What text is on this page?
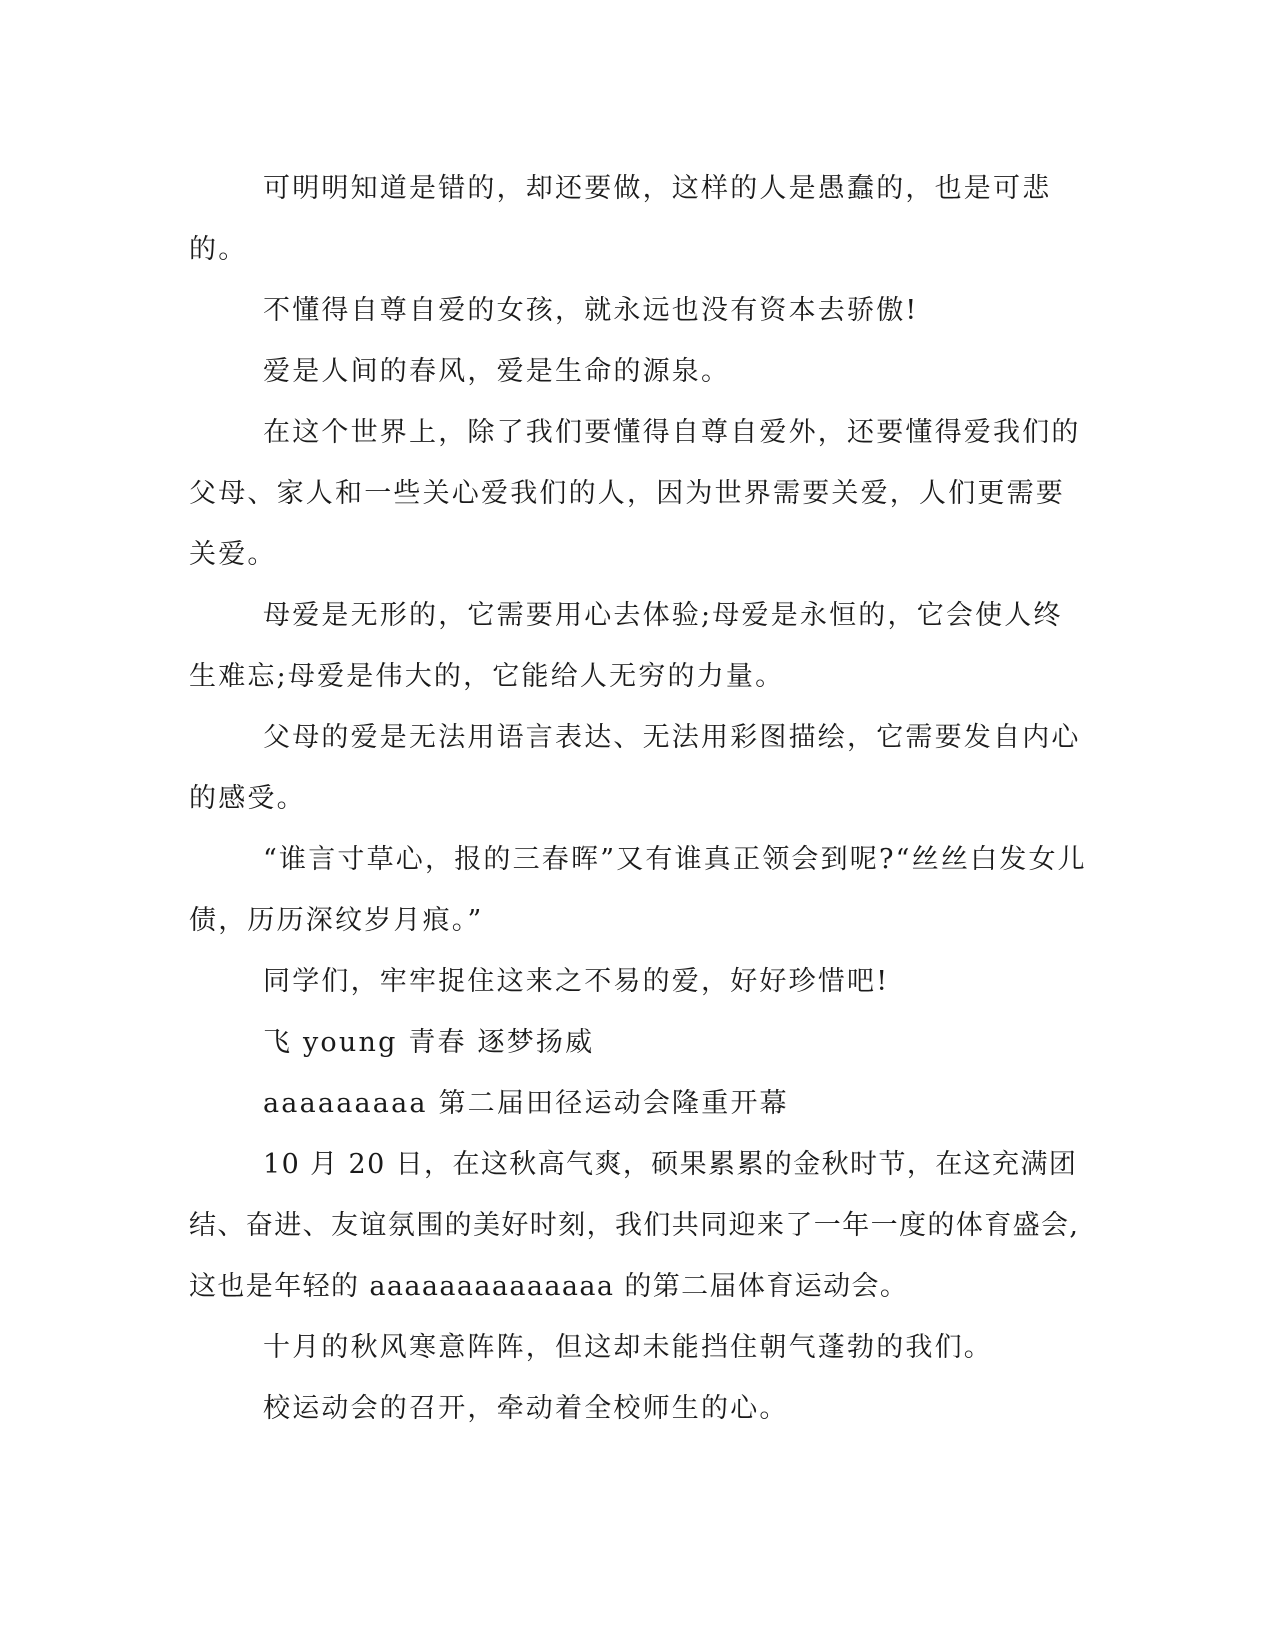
可明明知道是错的，却还要做，这样的人是愚蠢的，也是可悲的。

不懂得自尊自爱的女孩，就永远也没有资本去骄傲!

爱是人间的春风，爱是生命的源泉。

在这个世界上，除了我们要懂得自尊自爱外，还要懂得爱我们的父母、家人和一些关心爱我们的人，因为世界需要关爱，人们更需要关爱。

母爱是无形的，它需要用心去体验;母爱是永恒的，它会使人终生难忘;母爱是伟大的，它能给人无穷的力量。

父母的爱是无法用语言表达、无法用彩图描绘，它需要发自内心的感受。

“谁言寸草心，报的三春晖”又有谁真正领会到呢?“丝丝白发女儿债，历历深纹岁月痕。”

同学们，牢牢捉住这来之不易的爱，好好珍惜吧!

飞 young 青春 逐梦扬威

aaaaaaaaa 第二届田径运动会隆重开幕

10 月 20 日，在这秋高气爽，硕果累累的金秋时节，在这充满团结、奋进、友谊氛围的美好时刻，我们共同迎来了一年一度的体育盛会,这也是年轻的 aaaaaaaaaaaaaa 的第二届体育运动会。

十月的秋风寒意阵阵，但这却未能挡住朝气蓬勃的我们。

校运动会的召开，牵动着全校师生的心。
